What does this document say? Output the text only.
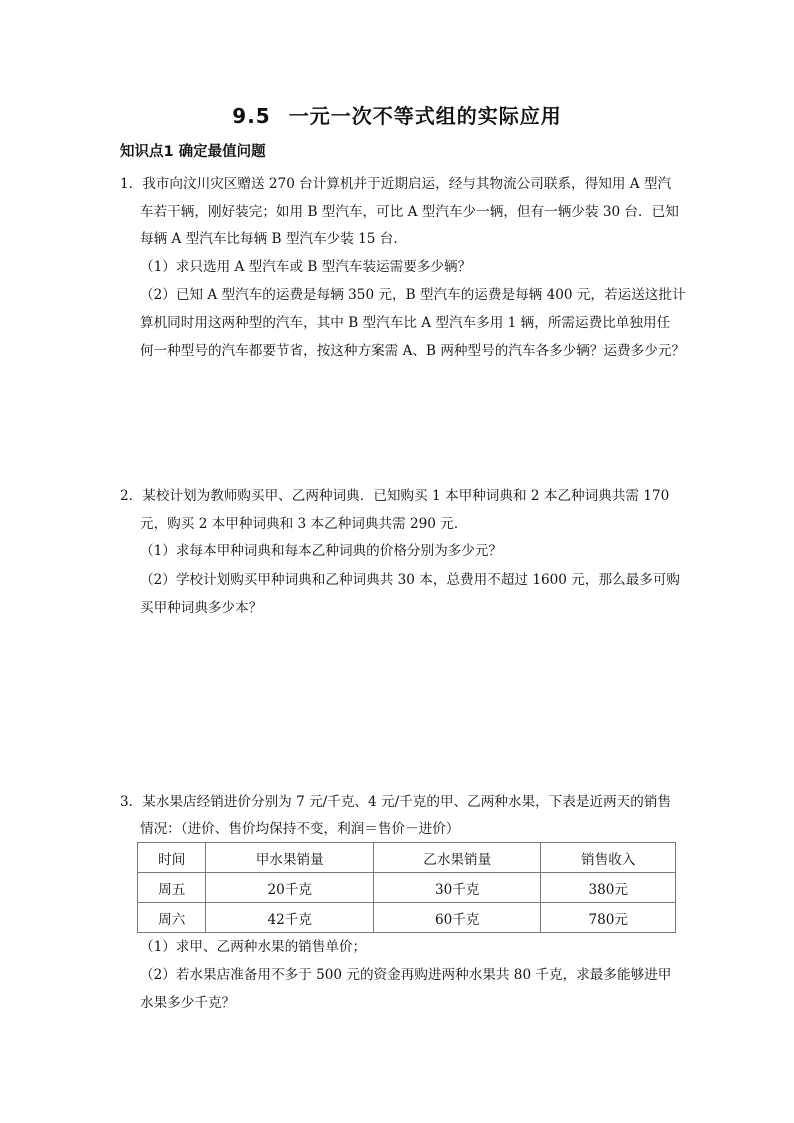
9.5 一元一次不等式组的实际应用
知识点1 确定最值问题
1．我市向汶川灾区赠送 270 台计算机并于近期启运，经与其物流公司联系，得知用 A 型汽
车若干辆，刚好装完；如用 B 型汽车，可比 A 型汽车少一辆，但有一辆少装 30 台．已知
每辆 A 型汽车比每辆 B 型汽车少装 15 台．
（1）求只选用 A 型汽车或 B 型汽车装运需要多少辆？
（2）已知 A 型汽车的运费是每辆 350 元，B 型汽车的运费是每辆 400 元，若运送这批计
算机同时用这两种型的汽车，其中 B 型汽车比 A 型汽车多用 1 辆，所需运费比单独用任
何一种型号的汽车都要节省，按这种方案需 A、B 两种型号的汽车各多少辆？运费多少元？
2．某校计划为教师购买甲、乙两种词典．已知购买 1 本甲种词典和 2 本乙种词典共需 170
元，购买 2 本甲种词典和 3 本乙种词典共需 290 元．
（1）求每本甲种词典和每本乙种词典的价格分别为多少元？
（2）学校计划购买甲种词典和乙种词典共 30 本，总费用不超过 1600 元，那么最多可购
买甲种词典多少本？
3．某水果店经销进价分别为 7 元/千克、4 元/千克的甲、乙两种水果，下表是近两天的销售
情况：（进价、售价均保持不变，利润＝售价－进价）
时间	甲水果销量	乙水果销量	销售收入
周五	20千克	30千克	380元
周六	42千克	60千克	780元
（1）求甲、乙两种水果的销售单价；
（2）若水果店准备用不多于 500 元的资金再购进两种水果共 80 千克，求最多能够进甲
水果多少千克？
